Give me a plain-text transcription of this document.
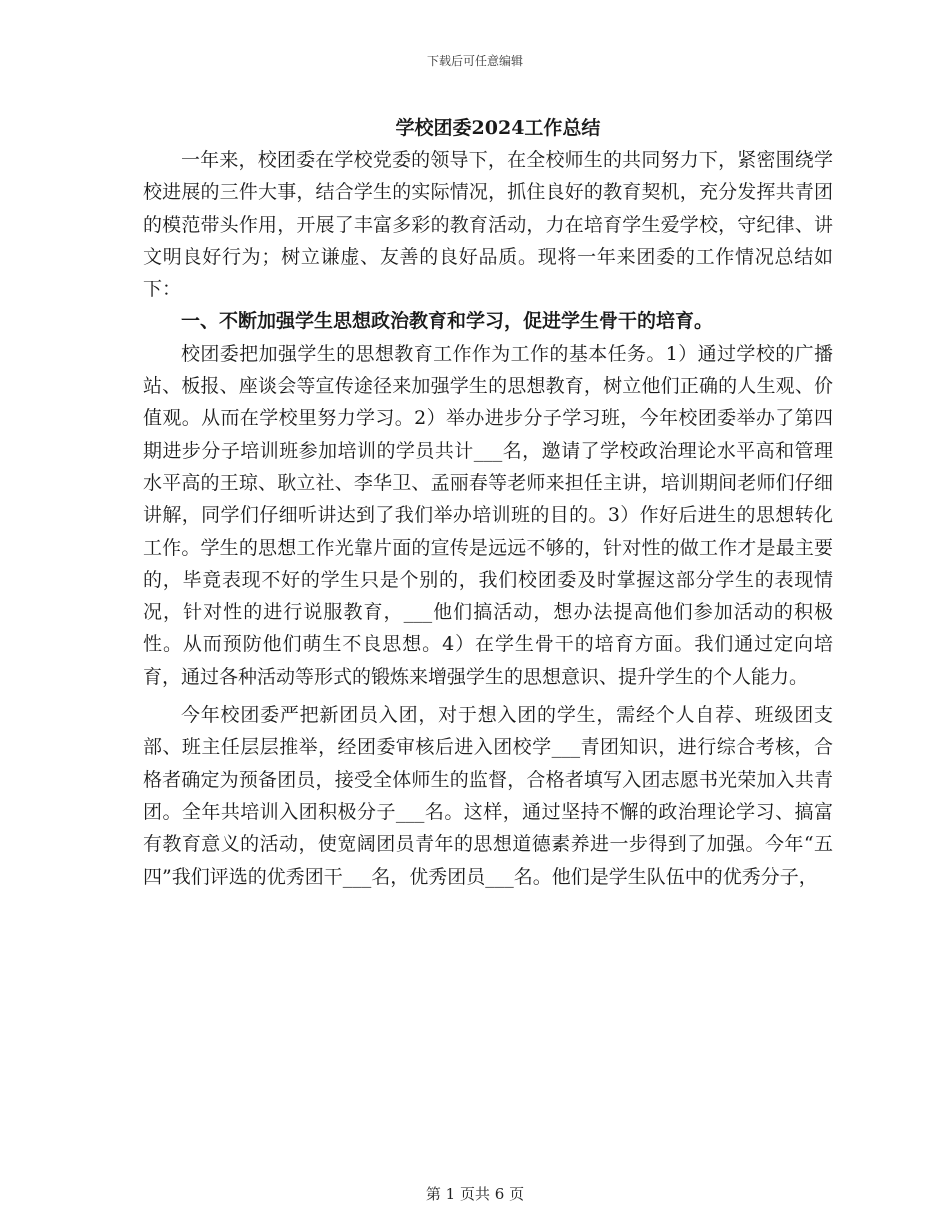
下载后可任意编辑
学校团委2024工作总结

一年来，校团委在学校党委的领导下，在全校师生的共同努力下，紧密围绕学校进展的三件大事，结合学生的实际情况，抓住良好的教育契机，充分发挥共青团的模范带头作用，开展了丰富多彩的教育活动，力在培育学生爱学校，守纪律、讲文明良好行为；树立谦虚、友善的良好品质。现将一年来团委的工作情况总结如下：

一、不断加强学生思想政治教育和学习，促进学生骨干的培育。

校团委把加强学生的思想教育工作作为工作的基本任务。1）通过学校的广播站、板报、座谈会等宣传途径来加强学生的思想教育，树立他们正确的人生观、价值观。从而在学校里努力学习。2）举办进步分子学习班，今年校团委举办了第四期进步分子培训班参加培训的学员共计___名，邀请了学校政治理论水平高和管理水平高的王琼、耿立社、李华卫、孟丽春等老师来担任主讲，培训期间老师们仔细讲解，同学们仔细听讲达到了我们举办培训班的目的。3）作好后进生的思想转化工作。学生的思想工作光靠片面的宣传是远远不够的，针对性的做工作才是最主要的，毕竟表现不好的学生只是个别的，我们校团委及时掌握这部分学生的表现情况，针对性的进行说服教育，___他们搞活动，想办法提高他们参加活动的积极性。从而预防他们萌生不良思想。4）在学生骨干的培育方面。我们通过定向培育，通过各种活动等形式的锻炼来增强学生的思想意识、提升学生的个人能力。

今年校团委严把新团员入团，对于想入团的学生，需经个人自荐、班级团支部、班主任层层推举，经团委审核后进入团校学___青团知识，进行综合考核，合格者确定为预备团员，接受全体师生的监督，合格者填写入团志愿书光荣加入共青团。全年共培训入团积极分子___名。这样，通过坚持不懈的政治理论学习、搞富有教育意义的活动，使宽阔团员青年的思想道德素养进一步得到了加强。今年“五四”我们评选的优秀团干___名，优秀团员___名。他们是学生队伍中的优秀分子，

第 1 页共 6 页
